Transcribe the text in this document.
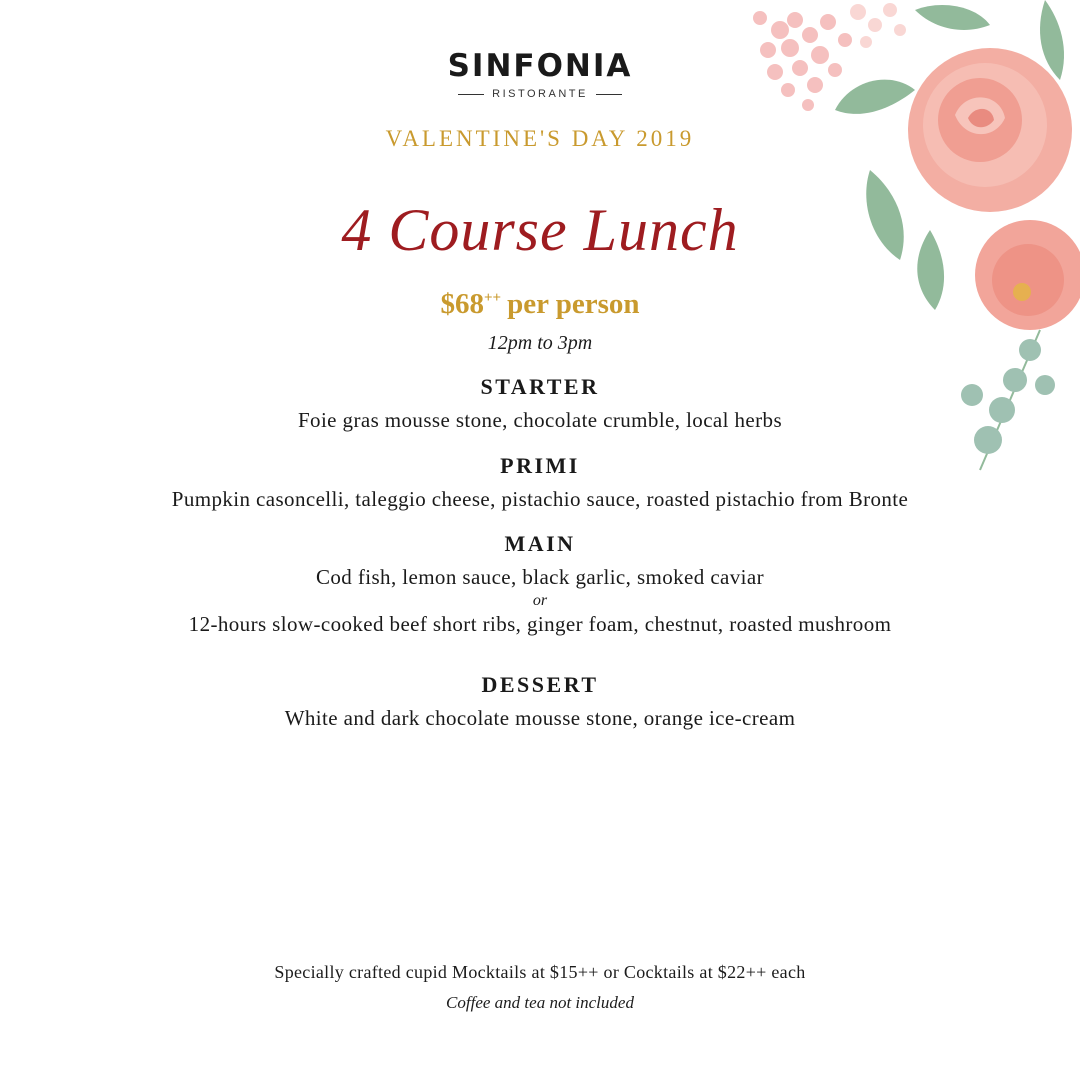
SINFONIA
RISTORANTE
VALENTINE'S DAY 2019
4 Course Lunch
$68++ per person
12pm to 3pm
STARTER
Foie gras mousse stone, chocolate crumble, local herbs
PRIMI
Pumpkin casoncelli, taleggio cheese, pistachio sauce, roasted pistachio from Bronte
MAIN
Cod fish, lemon sauce, black garlic, smoked caviar
or
12-hours slow-cooked beef short ribs, ginger foam, chestnut, roasted mushroom
DESSERT
White and dark chocolate mousse stone, orange ice-cream
Specially crafted cupid Mocktails at $15++ or Cocktails at $22++ each
Coffee and tea not included
